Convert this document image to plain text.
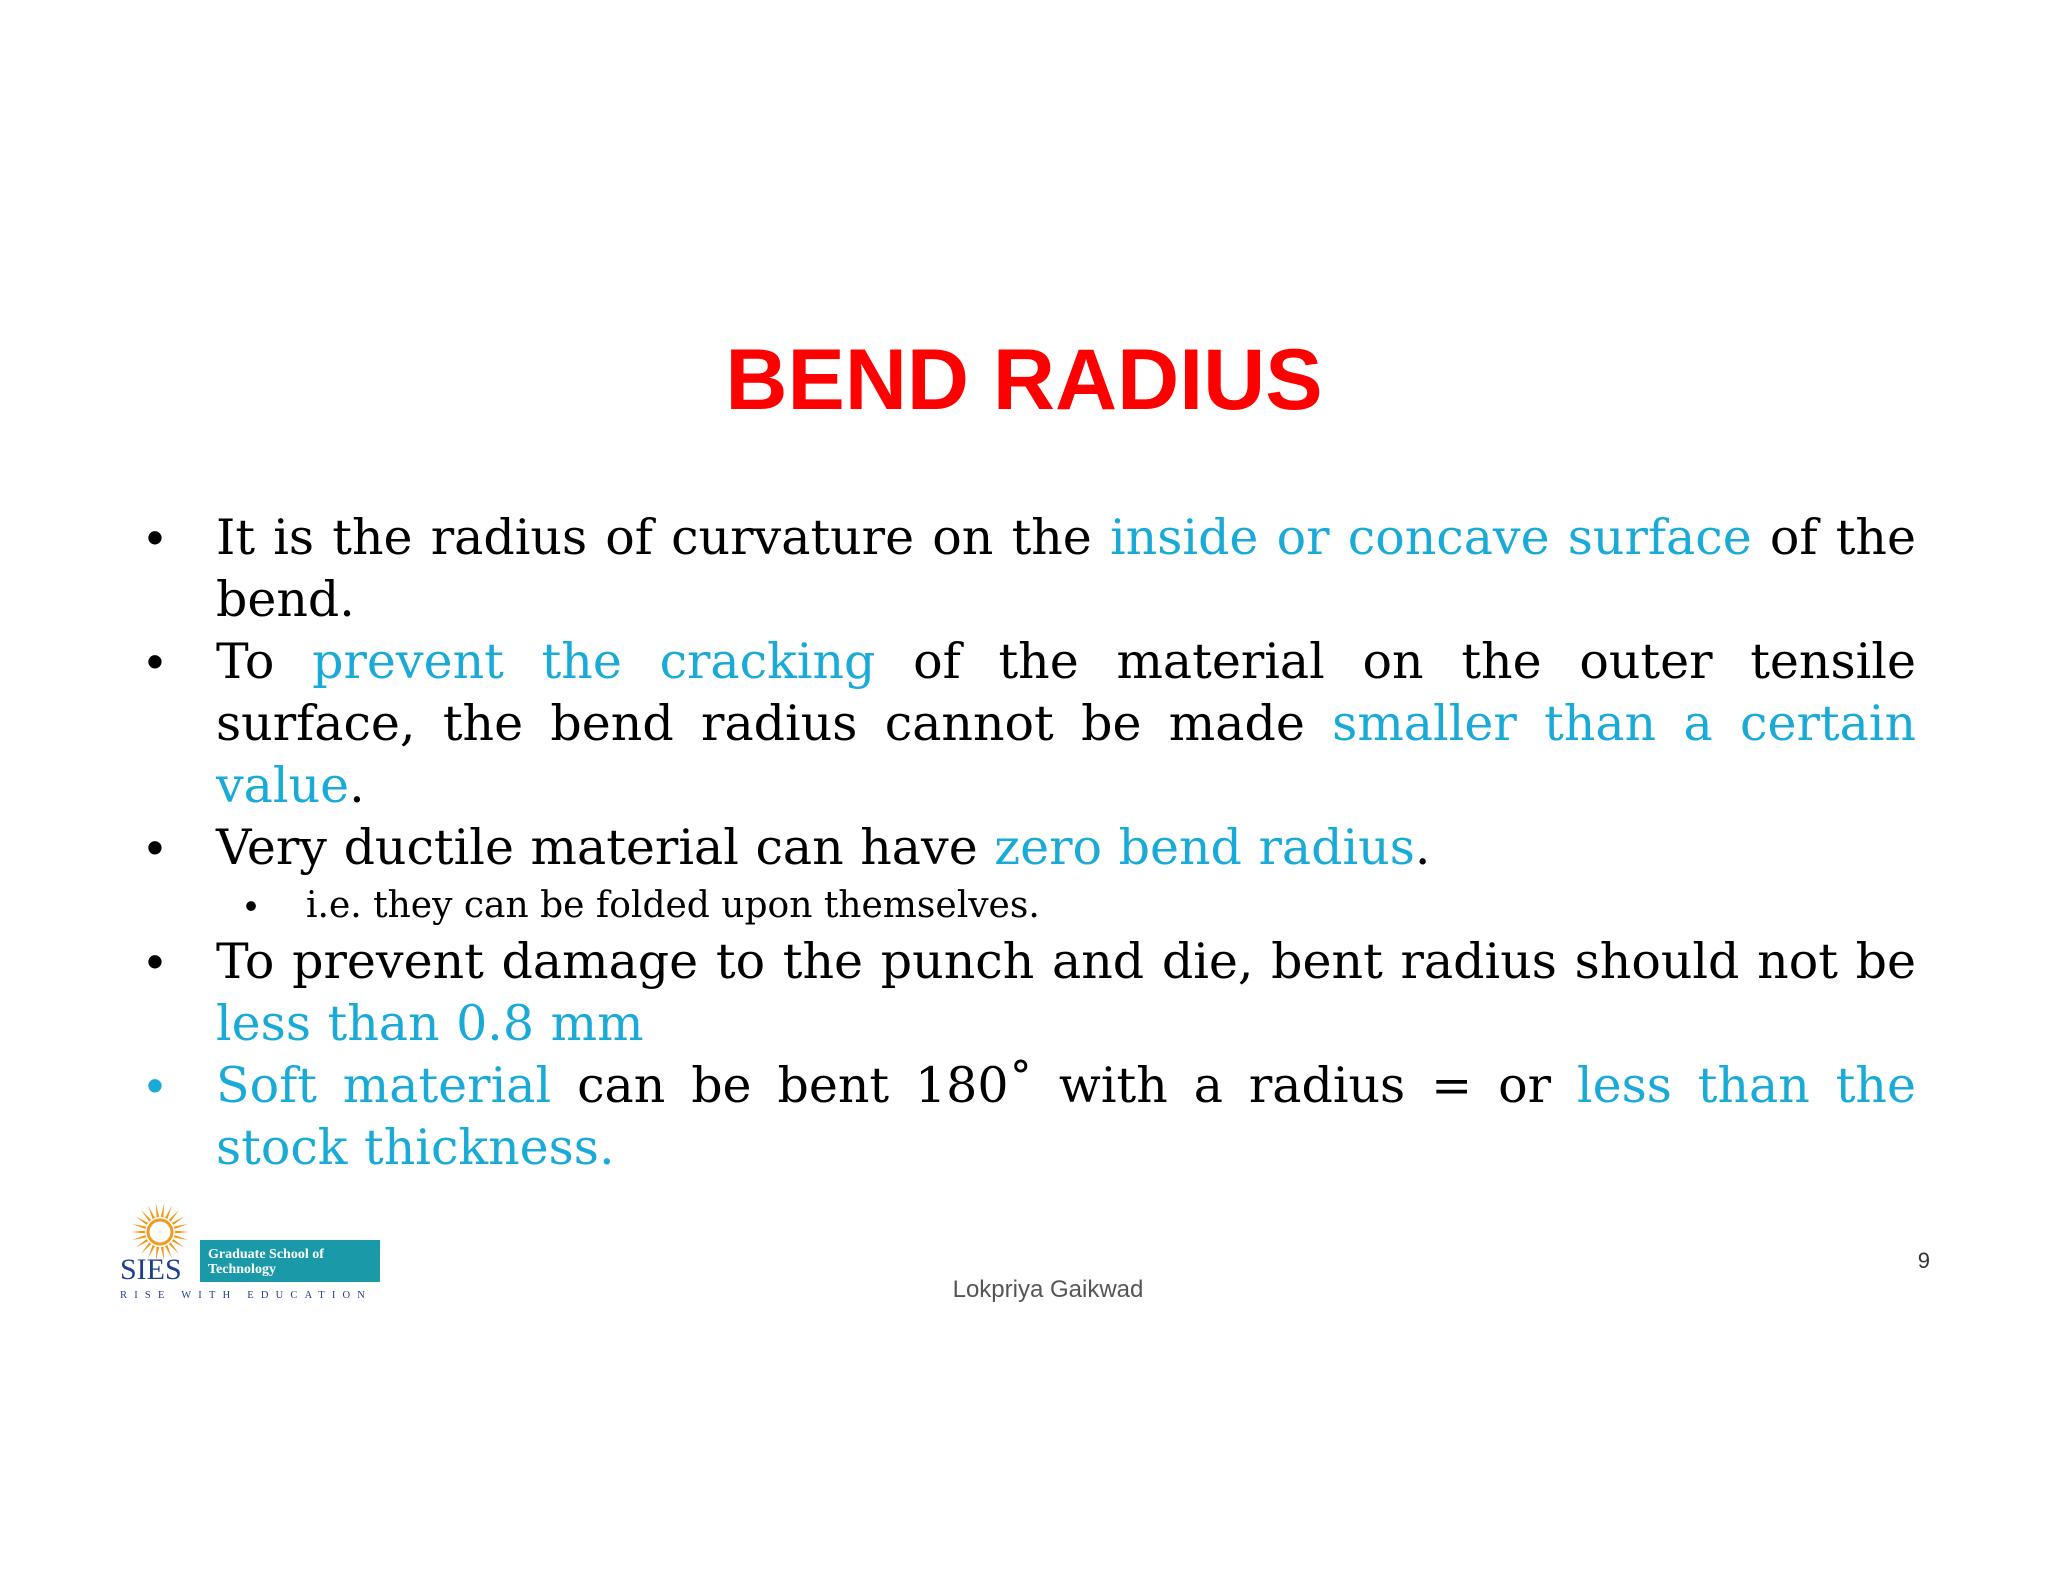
BEND RADIUS
• It is the radius of curvature on the inside or concave surface of the bend.
• To prevent the cracking of the material on the outer tensile surface, the bend radius cannot be made smaller than a certain value.
• Very ductile material can have zero bend radius.
• i.e. they can be folded upon themselves.
• To prevent damage to the punch and die, bent radius should not be less than 0.8 mm
• Soft material can be bent 180˚ with a radius = or less than the stock thickness.
SIES Graduate School of
Technology
RISE WITH EDUCATION	Lokpriya Gaikwad
9
